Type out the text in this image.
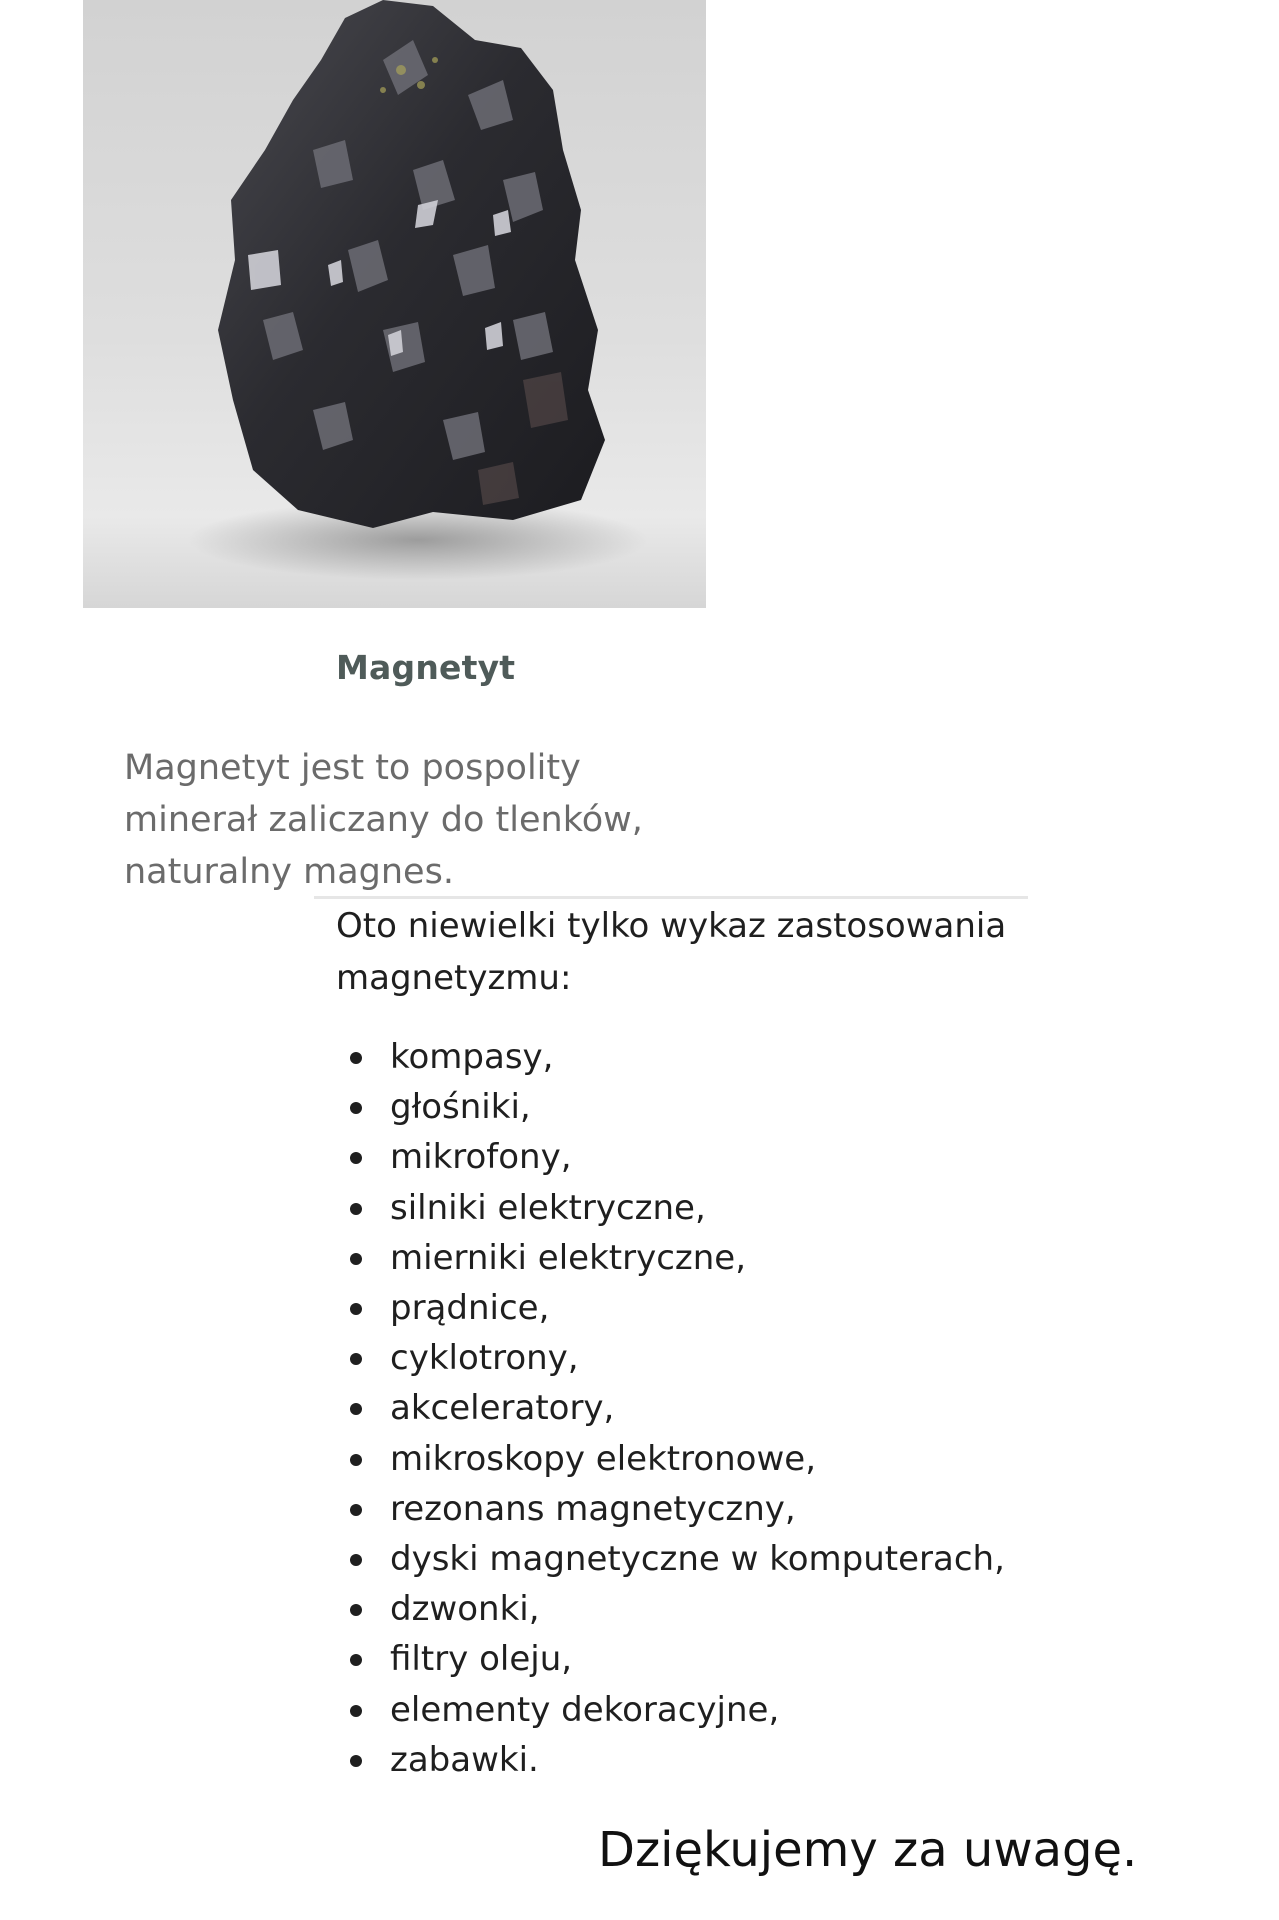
Magnetyt

Magnetyt jest to pospolity minerał zaliczany do tlenków, naturalny magnes.

Oto niewielki tylko wykaz zastosowania magnetyzmu:

kompasy,
głośniki,
mikrofony,
silniki elektryczne,
mierniki elektryczne,
prądnice,
cyklotrony,
akceleratory,
mikroskopy elektronowe,
rezonans magnetyczny,
dyski magnetyczne w komputerach,
dzwonki,
filtry oleju,
elementy dekoracyjne,
zabawki.
Dziękujemy za uwagę.
